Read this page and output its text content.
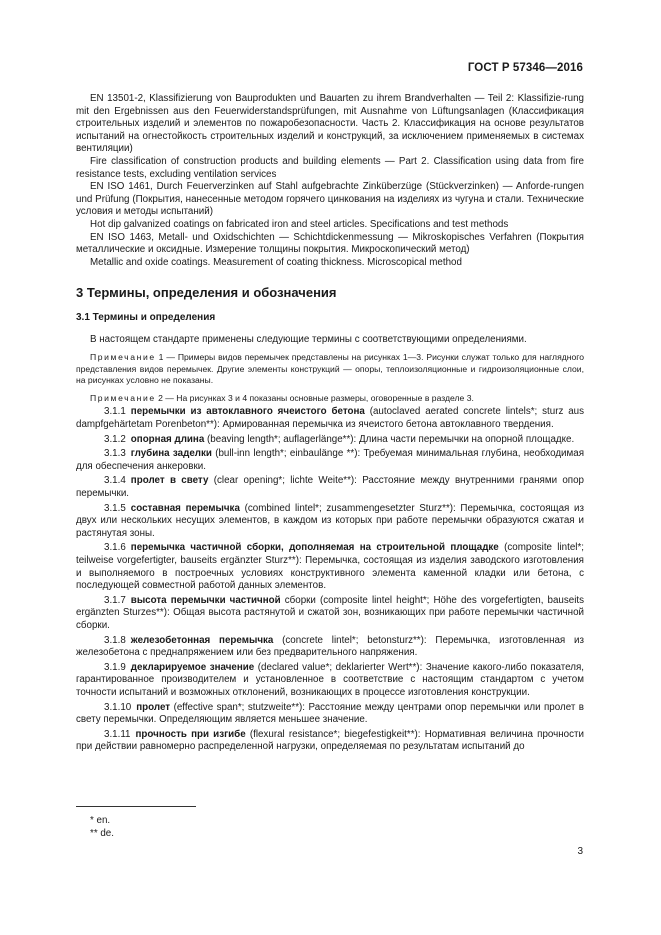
ГОСТ Р 57346—2016

EN 13501-2, Klassifizierung von Bauprodukten und Bauarten zu ihrem Brandverhalten — Teil 2: Klassifizie-rung mit den Ergebnissen aus den Feuerwiderstandsprüfungen, mit Ausnahme von Lüftungsanlagen (Классификация строительных изделий и элементов по пожаробезопасности. Часть 2. Классификация на основе результатов испытаний на огнестойкость строительных изделий и конструкций, за исключением применяемых в системах вентиляции)

Fire classification of construction products and building elements — Part 2. Classification using data from fire resistance tests, excluding ventilation services

EN ISO 1461, Durch Feuerverzinken auf Stahl aufgebrachte Zinküberzüge (Stückverzinken) — Anforde-rungen und Prüfung (Покрытия, нанесенные методом горячего цинкования на изделиях из чугуна и стали. Технические условия и методы испытаний)

Hot dip galvanized coatings on fabricated iron and steel articles. Specifications and test methods

EN ISO 1463, Metall- und Oxidschichten — Schichtdickenmessung — Mikroskopisches Verfahren (Покрытия металлические и оксидные. Измерение толщины покрытия. Микроскопический метод)

Metallic and oxide coatings. Measurement of coating thickness. Microscopical method

3 Термины, определения и обозначения

3.1 Термины и определения

В настоящем стандарте применены следующие термины с соответствующими определениями.

Примечание 1 — Примеры видов перемычек представлены на рисунках 1—3. Рисунки служат только для наглядного представления видов перемычек. Другие элементы конструкций — опоры, теплоизоляционные и гидроизоляционные слои, на рисунках условно не показаны.

Примечание 2 — На рисунках 3 и 4 показаны основные размеры, оговоренные в разделе 3.

3.1.1 перемычки из автоклавного ячеистого бетона (autoclaved aerated concrete lintels*; sturz aus dampfgehärtetam Porenbeton**): Армированная перемычка из ячеистого бетона автоклавного твердения.

3.1.2 опорная длина (beaving length*; auflagerlänge**): Длина части перемычки на опорной площадке.

3.1.3 глубина заделки (bull-inn length*; einbaulänge **): Требуемая минимальная глубина, необходимая для обеспечения анкеровки.

3.1.4 пролет в свету (clear opening*; lichte Weite**): Расстояние между внутренними гранями опор перемычки.

3.1.5 составная перемычка (combined lintel*; zusammengesetzter Sturz**): Перемычка, состоящая из двух или нескольких несущих элементов, в каждом из которых при работе перемычки образуются сжатая и растянутая зоны.

3.1.6 перемычка частичной сборки, дополняемая на строительной площадке (composite lintel*; teilweise vorgefertigter, bauseits ergänzter Sturz**): Перемычка, состоящая из изделия заводского изготовления и выполняемого в построечных условиях конструктивного элемента каменной кладки или бетона, с последующей совместной работой данных элементов.

3.1.7 высота перемычки частичной сборки (composite lintel height*; Höhe des vorgefertigten, bauseits ergänzten Sturzes**): Общая высота растянутой и сжатой зон, возникающих при работе перемычки частичной сборки.

3.1.8 железобетонная перемычка (concrete lintel*; betonsturz**): Перемычка, изготовленная из железобетона с преднапряжением или без предварительного напряжения.

3.1.9 декларируемое значение (declared value*; deklarierter Wert**): Значение какого-либо показателя, гарантированное производителем и установленное в соответствие с настоящим стандартом с учетом точности испытаний и возможных отклонений, возникающих в процессе изготовления конструкции.

3.1.10 пролет (effective span*; stutzweite**): Расстояние между центрами опор перемычки или пролет в свету перемычки. Определяющим является меньшее значение.

3.1.11 прочность при изгибе (flexural resistance*; biegefestigkeit**): Нормативная величина прочности при действии равномерно распределенной нагрузки, определяемая по результатам испытаний до

* en.
** de.
3
